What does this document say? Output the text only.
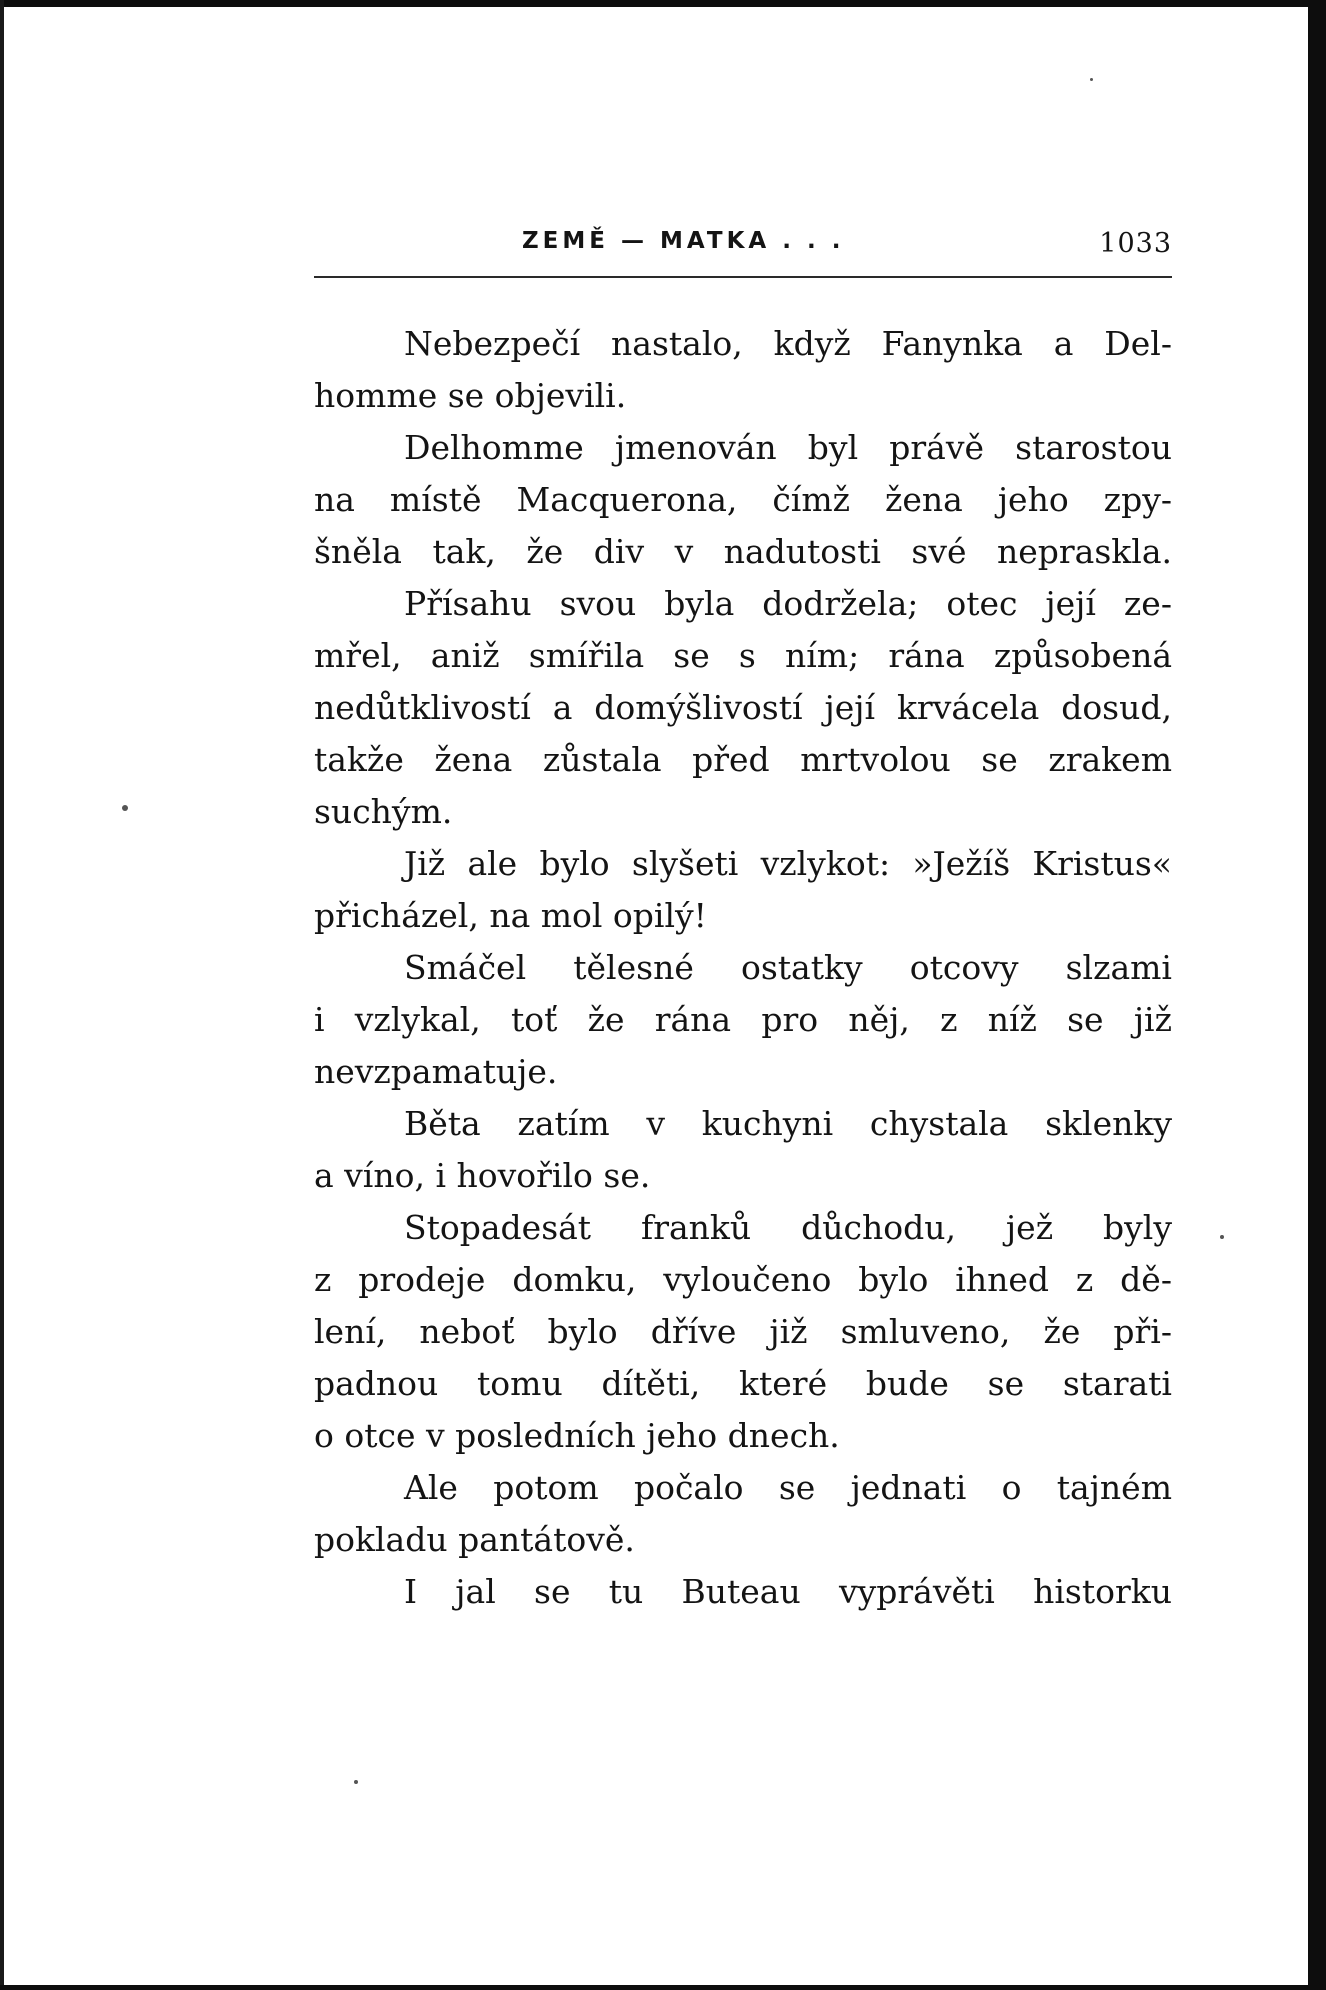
ZEMĚ — MATKA . . .	1033
Nebezpečí nastalo, když Fanynka a Del-
homme se objevili.
Delhomme jmenován byl právě starostou
na místě Macquerona, čímž žena jeho zpy-
šněla tak, že div v nadutosti své nepraskla.
Přísahu svou byla dodržela; otec její ze-
mřel, aniž smířila se s ním; rána způsobená
nedůtklivostí a domýšlivostí její krvácela dosud,
takže žena zůstala před mrtvolou se zrakem
suchým.
Již ale bylo slyšeti vzlykot: »Ježíš Kristus«
přicházel, na mol opilý!
Smáčel tělesné ostatky otcovy slzami
i vzlykal, toť že rána pro něj, z níž se již
nevzpamatuje.
Běta zatím v kuchyni chystala sklenky
a víno, i hovořilo se.
Stopadesát franků důchodu, jež byly
z prodeje domku, vyloučeno bylo ihned z dě-
lení, neboť bylo dříve již smluveno, že při-
padnou tomu dítěti, které bude se starati
o otce v posledních jeho dnech.
Ale potom počalo se jednati o tajném
pokladu pantátově.
I jal se tu Buteau vyprávěti historku
